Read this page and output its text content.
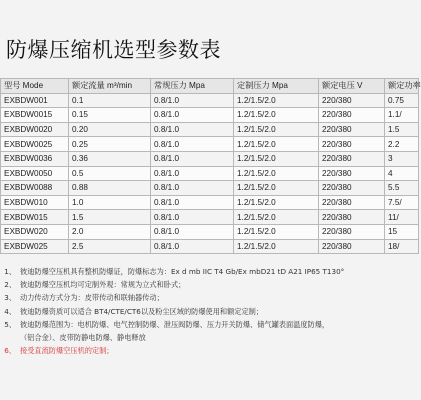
防爆压缩机选型参数表
型号 Mode	额定流量 m³/min	常规压力 Mpa	定制压力 Mpa	额定电压 V	额定功率
EXBDW001	0.1	0.8/1.0	1.2/1.5/2.0	220/380	0.75
EXBDW0015	0.15	0.8/1.0	1.2/1.5/2.0	220/380	1.1/
EXBDW0020	0.20	0.8/1.0	1.2/1.5/2.0	220/380	1.5
EXBDW0025	0.25	0.8/1.0	1.2/1.5/2.0	220/380	2.2
EXBDW0036	0.36	0.8/1.0	1.2/1.5/2.0	220/380	3
EXBDW0050	0.5	0.8/1.0	1.2/1.5/2.0	220/380	4
EXBDW0088	0.88	0.8/1.0	1.2/1.5/2.0	220/380	5.5
EXBDW010	1.0	0.8/1.0	1.2/1.5/2.0	220/380	7.5/
EXBDW015	1.5	0.8/1.0	1.2/1.5/2.0	220/380	11/
EXBDW020	2.0	0.8/1.0	1.2/1.5/2.0	220/380	15
EXBDW025	2.5	0.8/1.0	1.2/1.5/2.0	220/380	18/
1、 彼迪防爆空压机具有整机防爆证，防爆标志为：Ex d mb IIC T4 Gb/Ex mbD21 tD A21 IP65 T130°
2、 彼迪防爆空压机均可定制外观：常规为立式和卧式；
3、 动力传动方式分为：皮带传动和联轴器传动；
4、 彼迪防爆资质可以适合 BT4/CTE/CT6以及粉尘区域的防爆使用和额定定制；
5、 彼迪防爆范围为：电机防爆、电气控制防爆、泄压阀防爆、压力开关防爆、储气罐表面温度防爆，
（铝合金）、皮带防静电防爆、静电释放
6、 接受直流防爆空压机的定制；
